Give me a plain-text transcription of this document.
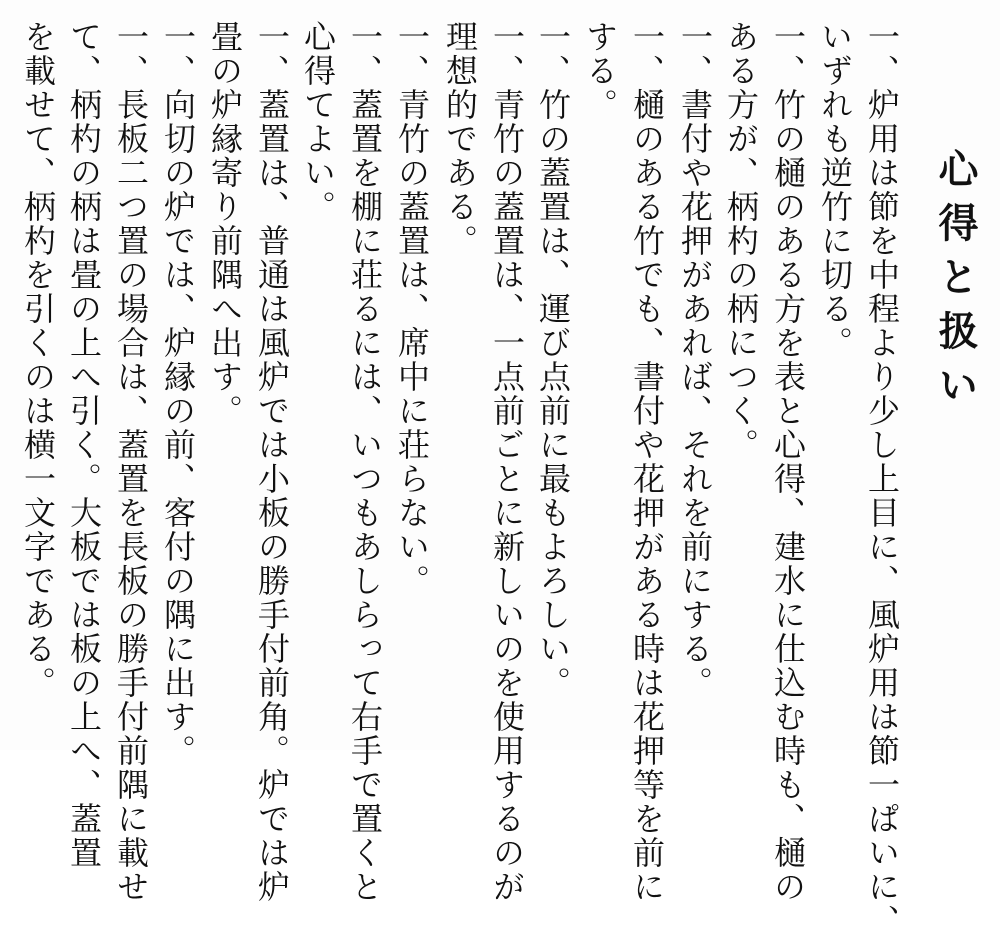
心得と扱い
一、炉用は節を中程より少し上目に、風炉用は節一ぱいに、
いずれも逆竹に切る。
一、竹の樋のある方を表と心得、建水に仕込む時も、樋の
ある方が、柄杓の柄につく。
一、書付や花押があれば、それを前にする。
一、樋のある竹でも、書付や花押がある時は花押等を前に
する。
一、竹の蓋置は、運び点前に最もよろしい。
一、青竹の蓋置は、一点前ごとに新しいのを使用するのが
理想的である。
一、青竹の蓋置は、席中に荘らない。
一、蓋置を棚に荘るには、いつもあしらって右手で置くと
心得てよい。
一、蓋置は、普通は風炉では小板の勝手付前角。炉では炉
畳の炉縁寄り前隅へ出す。
一、向切の炉では、炉縁の前、客付の隅に出す。
一、長板二つ置の場合は、蓋置を長板の勝手付前隅に載せ
て、柄杓の柄は畳の上へ引く。大板では板の上へ、蓋置
を載せて、柄杓を引くのは横一文字である。
